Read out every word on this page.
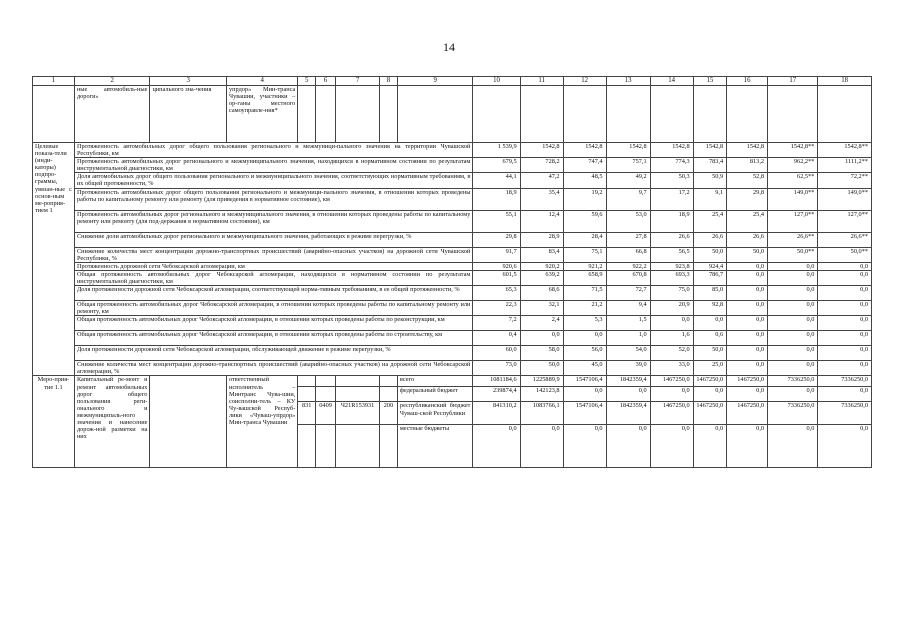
14
1	2	3	4	5	6	7	8	9	10	11	12	13	14	15	16	17	18
	ные автомобиль-ные дороги»	ципального зна-чения	упрдор» Мин-транса Чувашии, участники – ор-ганы местного самоуправле-ния*														
Целевые показа-тели (инди-каторы) подпро-граммы, увязан-ные с основ-ным ме-роприя-тием 1	Протяженность автомобильных дорог общего пользования регионального и межмуници-пального значения на территории Чувашской Республики, км								1 539,9	1542,8	1542,8	1542,8	1542,8	1542,8	1542,8	1542,8**	1542,8**
	Протяженность автомобильных дорог регионального и межмуниципального значения, находящихся в нормативном состоянии по результатам инструментальной диагностики, км								679,5	728,2	747,4	757,1	774,3	783,4	813,2	962,2**	1111,2**
	Доля автомобильных дорог общего пользования регионального и межмуниципального значения, соответствующих нормативным требованиям, в их общей протяженности, %								44,1	47,2	48,5	49,2	50,3	50,9	52,8	62,5**	72,2**
	Протяженность автомобильных дорог общего пользования регионального и межмуници-пального значения, в отношении которых проведены работы по капитальному ремонту или ремонту (для приведения в нормативное состояние), км								18,9	35,4	19,2	9,7	17,2	9,1	29,8	149,0**	149,0**
	Протяженность автомобильных дорог регионального и межмуниципального значения, в отношении которых проведены работы по капитальному ремонту или ремонту (для под-держания в нормативном состоянии), км								55,1	12,4	59,6	53,0	18,9	25,4	25,4	127,0**	127,0**
	Снижение доли автомобильных дорог регионального и межмуниципального значения, работающих в режиме перегрузки, %								29,8	28,9	28,4	27,8	26,6	26,6	26,6	26,6**	26,6**
	Снижение количества мест концентрации дорожно-транспортных происшествий (аварийно-опасных участков) на дорожной сети Чувашской Республики, %								91,7	83,4	75,1	66,8	56,5	50,0	50,0	50,0**	50,0**
	Протяженность дорожной сети Чебоксарской агломерации, км								920,6	920,2	921,2	922,2	923,8	924,4	0,0	0,0	0,0
	Общая протяженность автомобильных дорог Чебоксарской агломерации, находящихся в нормативном состоянии по результатам инструментальной диагностики, км								601,5	639,2	658,9	670,8	693,3	786,7	0,0	0,0	0,0
	Доля протяженности дорожной сети Чебоксарской агломерации, соответствующей норма-тивным требованиям, в ее общей протяженности, %								65,3	68,6	71,5	72,7	75,0	85,0	0,0	0,0	0,0
	Общая протяженность автомобильных дорог Чебоксарской агломерации, в отношении которых проведены работы по капитальному ремонту или ремонту, км								22,3	32,1	21,2	9,4	20,9	92,8	0,0	0,0	0,0
	Общая протяженность автомобильных дорог Чебоксарской агломерации, в отношении которых проведены работы по реконструкции, км								7,2	2,4	5,3	1,5	0,0	0,0	0,0	0,0	0,0
	Общая протяженность автомобильных дорог Чебоксарской агломерации, в отношении которых проведены работы по строительству, км								0,4	0,0	0,0	1,0	1,6	0,6	0,0	0,0	0,0
	Доля протяженности дорожной сети Чебоксарской агломерации, обслуживающей движение в режиме перегрузки, %								60,0	58,0	56,0	54,0	52,0	50,0	0,0	0,0	0,0
	Снижение количества мест концентрации дорожно-транспортных происшествий (аварийно-опасных участков) на дорожной сети Чебоксарской агломерации, %								73,0	50,0	45,0	39,0	33,0	25,0	0,0	0,0	0,0
Меро-прия-тие 1.1	Капитальный ре-монт и ремонт автомобильных дорог общего пользования реги-онального и межмуниципаль-ного значения и нанесение дорож-ной разметки на них		ответственный исполнитель – Минтранс Чува-шии, соисполни-тель – КУ Чу-вашской Респуб-лики «Чуваш-упрдор» Мин-транса Чувашии					всего	1081184,6	1225889,9	1547106,4	1842359,4	1467250,0	1467250,0	1467250,0	7336250,0	7336250,0
								федеральный бюджет	239874,4	142123,8	0,0	0,0	0,0	0,0	0,0	0,0	0,0
				831	0409	Ч21R153931	200	республиканский бюджет Чуваш-ской Республики	841310,2	1083766,1	1547106,4	1842359,4	1467250,0	1467250,0	1467250,0	7336250,0	7336250,0
								местные бюджеты	0,0	0,0	0,0	0,0	0,0	0,0	0,0	0,0	0,0
